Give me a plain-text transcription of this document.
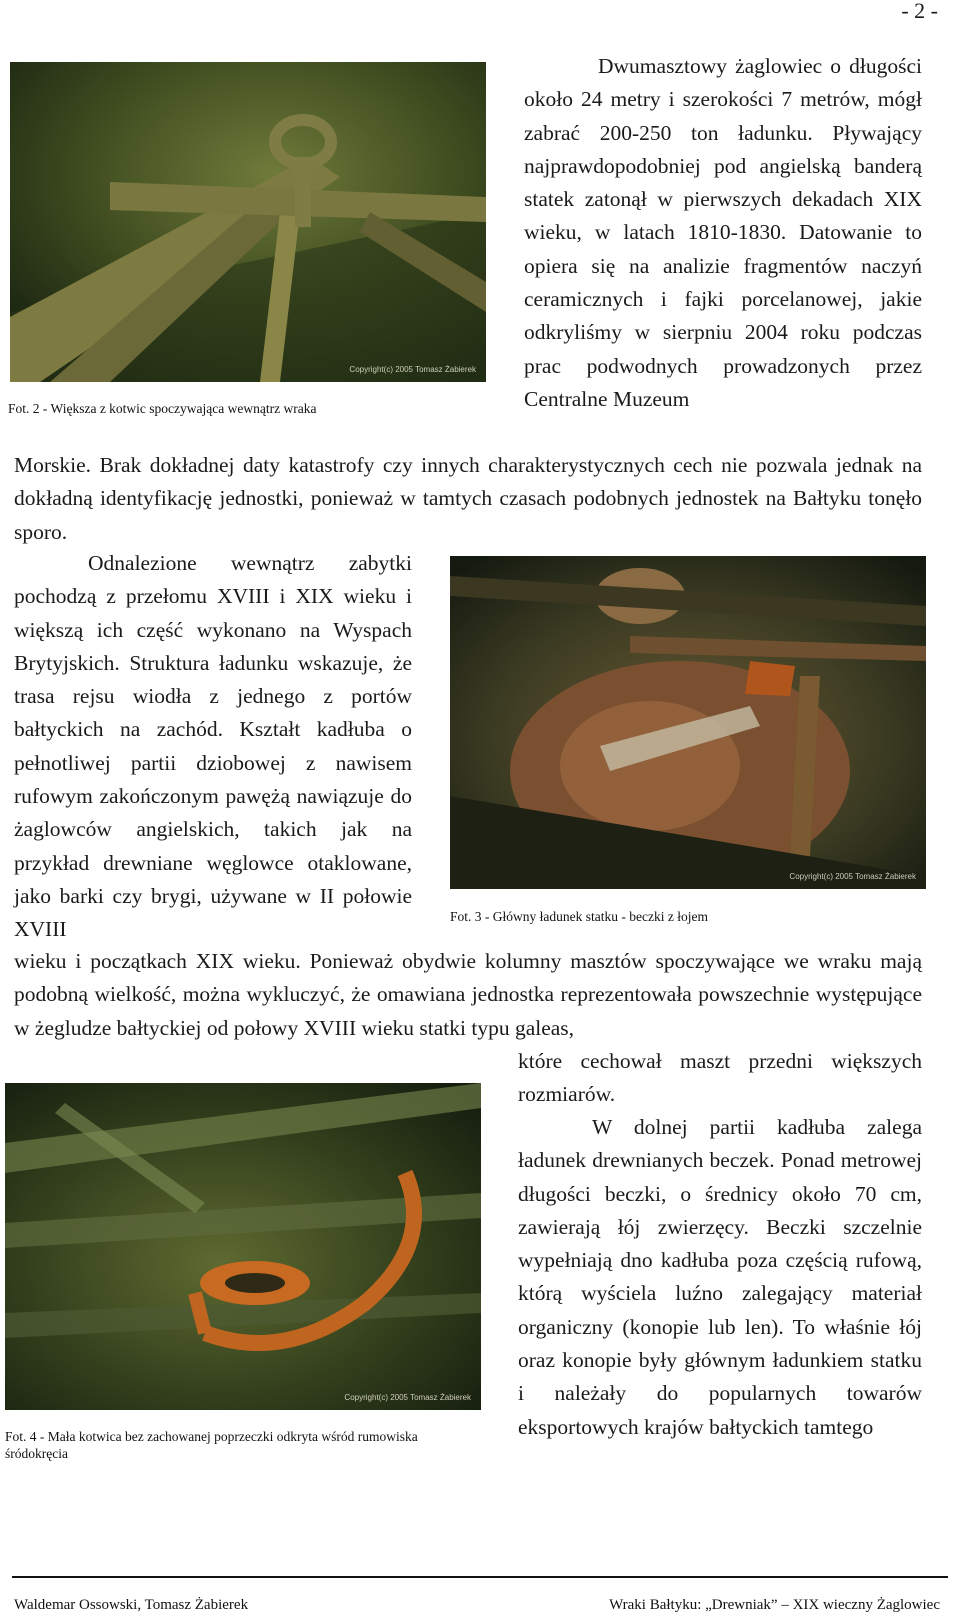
- 2 -
Copyright(c) 2005 Tomasz Żabierek

Fot. 2 - Większa z kotwic spoczywająca wewnątrz wraka

Dwumasztowy żaglowiec o długości około 24 metry i szerokości 7 metrów, mógł zabrać 200-250 ton ładunku. Pływający najprawdopodobniej pod angielską banderą statek zatonął w pierwszych dekadach XIX wieku, w latach 1810-1830. Datowanie to opiera się na analizie fragmentów naczyń ceramicznych i fajki porcelanowej, jakie odkryliśmy w sierpniu 2004 roku podczas prac podwodnych prowadzonych przez Centralne Muzeum

Morskie. Brak dokładnej daty katastrofy czy innych charakterystycznych cech nie pozwala jednak na dokładną identyfikację jednostki, ponieważ w tamtych czasach podobnych jednostek na Bałtyku tonęło sporo.

Copyright(c) 2005 Tomasz Żabierek

Fot. 3 - Główny ładunek statku - beczki z łojem

Odnalezione wewnątrz zabytki pochodzą z przełomu XVIII i XIX wieku i większą ich część wykonano na Wyspach Brytyjskich. Struktura ładunku wskazuje, że trasa rejsu wiodła z jednego z portów bałtyckich na zachód. Kształt kadłuba o pełnotliwej partii dziobowej z nawisem rufowym zakończonym pawężą nawiązuje do żaglowców angielskich, takich jak na przykład drewniane węglowce otaklowane, jako barki czy brygi, używane w II połowie XVIII

wieku i początkach XIX wieku. Ponieważ obydwie kolumny masztów spoczywające we wraku mają podobną wielkość, można wykluczyć, że omawiana jednostka reprezentowała powszechnie występujące w żegludze bałtyckiej od połowy XVIII wieku statki typu galeas,

które cechował maszt przedni większych rozmiarów.

Copyright(c) 2005 Tomasz Żabierek

Fot. 4 - Mała kotwica bez zachowanej poprzeczki odkryta wśród rumowiska śródokręcia

W dolnej partii kadłuba zalega ładunek drewnianych beczek. Ponad metrowej długości beczki, o średnicy około 70 cm, zawierają łój zwierzęcy. Beczki szczelnie wypełniają dno kadłuba poza częścią rufową, którą wyściela luźno zalegający materiał organiczny (konopie lub len). To właśnie łój oraz konopie były głównym ładunkiem statku i należały do popularnych towarów eksportowych krajów bałtyckich tamtego

Waldemar Ossowski, Tomasz Żabierek	Wraki Bałtyku: „Drewniak” – XIX wieczny Żaglowiec
